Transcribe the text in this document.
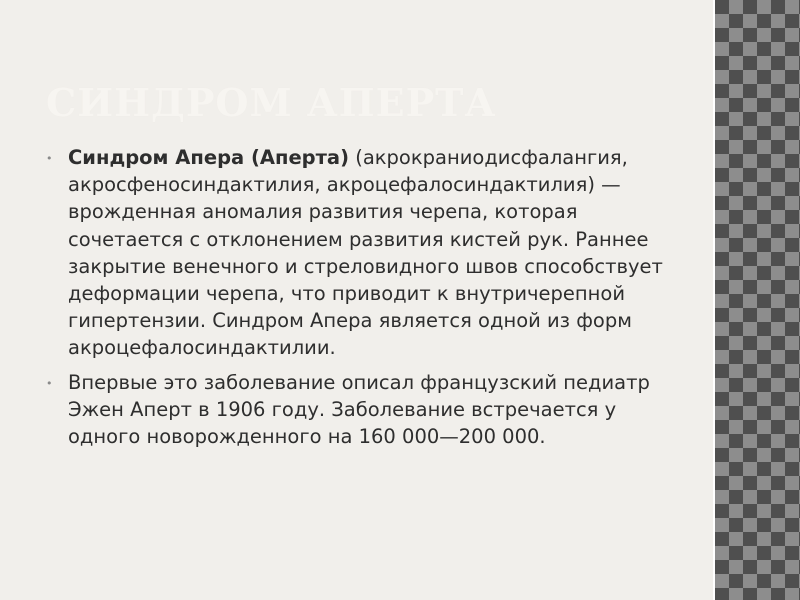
СИНДРОМ АПЕРТА
• Синдром Апера (Аперта) (акрокраниодисфалангия, акросфеносиндактилия, акроцефалосиндактилия) — врожденная аномалия развития черепа, которая сочетается с отклонением развития кистей рук. Раннее закрытие венечного и стреловидного швов способствует деформации черепа, что приводит к внутричерепной гипертензии. Синдром Апера является одной из форм акроцефалосиндактилии.
• Впервые это заболевание описал французский педиатр Эжен Аперт в 1906 году. Заболевание встречается у одного новорожденного на 160 000—200 000.
